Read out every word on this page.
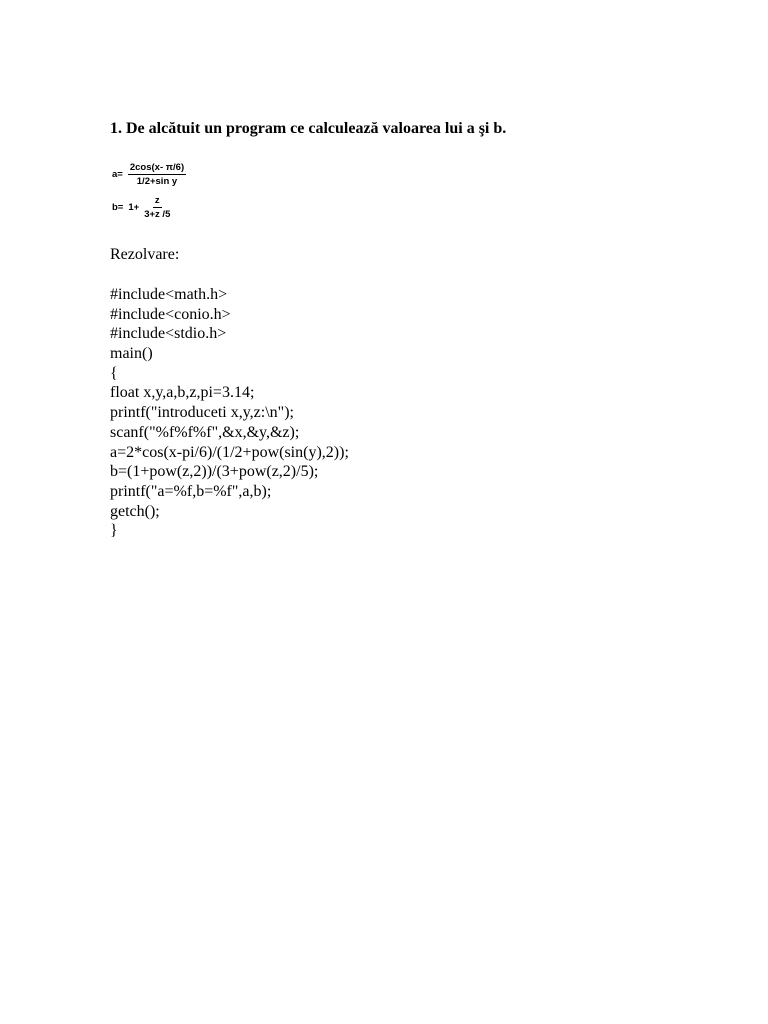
1. De alcătuit un program ce calculează valoarea lui a şi b.
$a= \frac{2\cos(x- \pi/6)}{\text{1/2+sin y}}$
$b= 1+ \frac{z}{3+z /5}$
Rezolvare:
#include<math.h>
#include<conio.h>
#include<stdio.h>
main()
{
float x,y,a,b,z,pi=3.14;
printf("introduceti x,y,z:\n");
scanf("%f%f%f",&x,&y,&z);
a=2*cos(x-pi/6)/(1/2+pow(sin(y),2));
b=(1+pow(z,2))/(3+pow(z,2)/5);
printf("a=%f,b=%f",a,b);
getch();
}
